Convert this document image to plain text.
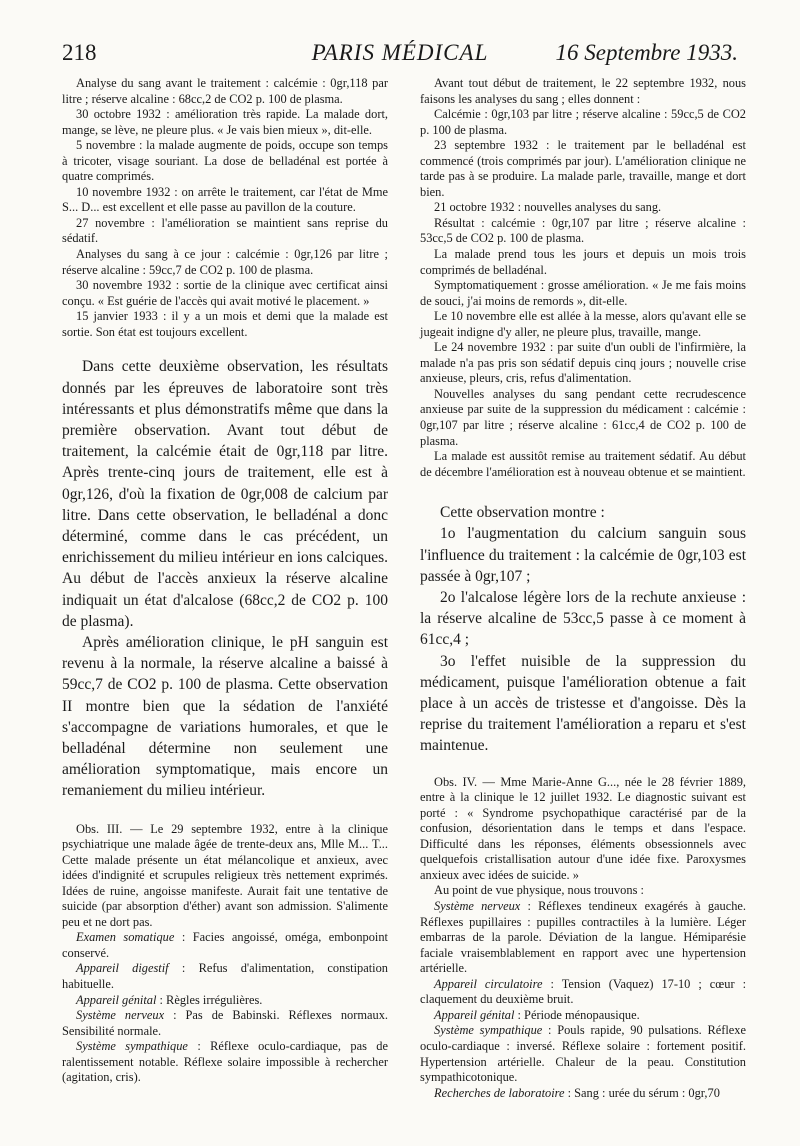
218	PARIS MÉDICAL	16 Septembre 1933.

Analyse du sang avant le traitement : calcémie : 0gr,118 par litre ; réserve alcaline : 68cc,2 de CO2 p. 100 de plasma.

30 octobre 1932 : amélioration très rapide. La malade dort, mange, se lève, ne pleure plus. « Je vais bien mieux », dit-elle.

5 novembre : la malade augmente de poids, occupe son temps à tricoter, visage souriant. La dose de belladénal est portée à quatre comprimés.

10 novembre 1932 : on arrête le traitement, car l'état de Mme S... D... est excellent et elle passe au pavillon de la couture.

27 novembre : l'amélioration se maintient sans reprise du sédatif.

Analyses du sang à ce jour : calcémie : 0gr,126 par litre ; réserve alcaline : 59cc,7 de CO2 p. 100 de plasma.

30 novembre 1932 : sortie de la clinique avec certificat ainsi conçu. « Est guérie de l'accès qui avait motivé le placement. »

15 janvier 1933 : il y a un mois et demi que la malade est sortie. Son état est toujours excellent.

Dans cette deuxième observation, les résultats donnés par les épreuves de laboratoire sont très intéressants et plus démonstratifs même que dans la première observation. Avant tout début de traitement, la calcémie était de 0gr,118 par litre. Après trente-cinq jours de traitement, elle est à 0gr,126, d'où la fixation de 0gr,008 de calcium par litre. Dans cette observation, le belladénal a donc déterminé, comme dans le cas précédent, un enrichissement du milieu intérieur en ions calciques. Au début de l'accès anxieux la réserve alcaline indiquait un état d'alcalose (68cc,2 de CO2 p. 100 de plasma).

Après amélioration clinique, le pH sanguin est revenu à la normale, la réserve alcaline a baissé à 59cc,7 de CO2 p. 100 de plasma. Cette observation II montre bien que la sédation de l'anxiété s'accompagne de variations humorales, et que le belladénal détermine non seulement une amélioration symptomatique, mais encore un remaniement du milieu intérieur.

Obs. III. — Le 29 septembre 1932, entre à la clinique psychiatrique une malade âgée de trente-deux ans, Mlle M... T... Cette malade présente un état mélancolique et anxieux, avec idées d'indignité et scrupules religieux très nettement exprimés. Idées de ruine, angoisse manifeste. Aurait fait une tentative de suicide (par absorption d'éther) avant son admission. S'alimente peu et ne dort pas.

Examen somatique : Facies angoissé, oméga, embonpoint conservé.

Appareil digestif : Refus d'alimentation, constipation habituelle.

Appareil génital : Règles irrégulières.

Système nerveux : Pas de Babinski. Réflexes normaux. Sensibilité normale.

Système sympathique : Réflexe oculo-cardiaque, pas de ralentissement notable. Réflexe solaire impossible à rechercher (agitation, cris).

Avant tout début de traitement, le 22 septembre 1932, nous faisons les analyses du sang ; elles donnent :

Calcémie : 0gr,103 par litre ; réserve alcaline : 59cc,5 de CO2 p. 100 de plasma.

23 septembre 1932 : le traitement par le belladénal est commencé (trois comprimés par jour). L'amélioration clinique ne tarde pas à se produire. La malade parle, travaille, mange et dort bien.

21 octobre 1932 : nouvelles analyses du sang.

Résultat : calcémie : 0gr,107 par litre ; réserve alcaline : 53cc,5 de CO2 p. 100 de plasma.

La malade prend tous les jours et depuis un mois trois comprimés de belladénal.

Symptomatiquement : grosse amélioration. « Je me fais moins de souci, j'ai moins de remords », dit-elle.

Le 10 novembre elle est allée à la messe, alors qu'avant elle se jugeait indigne d'y aller, ne pleure plus, travaille, mange.

Le 24 novembre 1932 : par suite d'un oubli de l'infirmière, la malade n'a pas pris son sédatif depuis cinq jours ; nouvelle crise anxieuse, pleurs, cris, refus d'alimentation.

Nouvelles analyses du sang pendant cette recrudescence anxieuse par suite de la suppression du médicament : calcémie : 0gr,107 par litre ; réserve alcaline : 61cc,4 de CO2 p. 100 de plasma.

La malade est aussitôt remise au traitement sédatif. Au début de décembre l'amélioration est à nouveau obtenue et se maintient.

Cette observation montre :

1o l'augmentation du calcium sanguin sous l'influence du traitement : la calcémie de 0gr,103 est passée à 0gr,107 ;

2o l'alcalose légère lors de la rechute anxieuse : la réserve alcaline de 53cc,5 passe à ce moment à 61cc,4 ;

3o l'effet nuisible de la suppression du médicament, puisque l'amélioration obtenue a fait place à un accès de tristesse et d'angoisse. Dès la reprise du traitement l'amélioration a reparu et s'est maintenue.

Obs. IV. — Mme Marie-Anne G..., née le 28 février 1889, entre à la clinique le 12 juillet 1932. Le diagnostic suivant est porté : « Syndrome psychopathique caractérisé par de la confusion, désorientation dans le temps et dans l'espace. Difficulté dans les réponses, éléments obsessionnels avec quelquefois cristallisation autour d'une idée fixe. Paroxysmes anxieux avec idées de suicide. »

Au point de vue physique, nous trouvons :

Système nerveux : Réflexes tendineux exagérés à gauche. Réflexes pupillaires : pupilles contractiles à la lumière. Léger embarras de la parole. Déviation de la langue. Hémiparésie faciale vraisemblablement en rapport avec une hypertension artérielle.

Appareil circulatoire : Tension (Vaquez) 17-10 ; cœur : claquement du deuxième bruit.

Appareil génital : Période ménopausique.

Système sympathique : Pouls rapide, 90 pulsations. Réflexe oculo-cardiaque : inversé. Réflexe solaire : fortement positif. Hypertension artérielle. Chaleur de la peau. Constitution sympathicotonique.

Recherches de laboratoire : Sang : urée du sérum : 0gr,70
